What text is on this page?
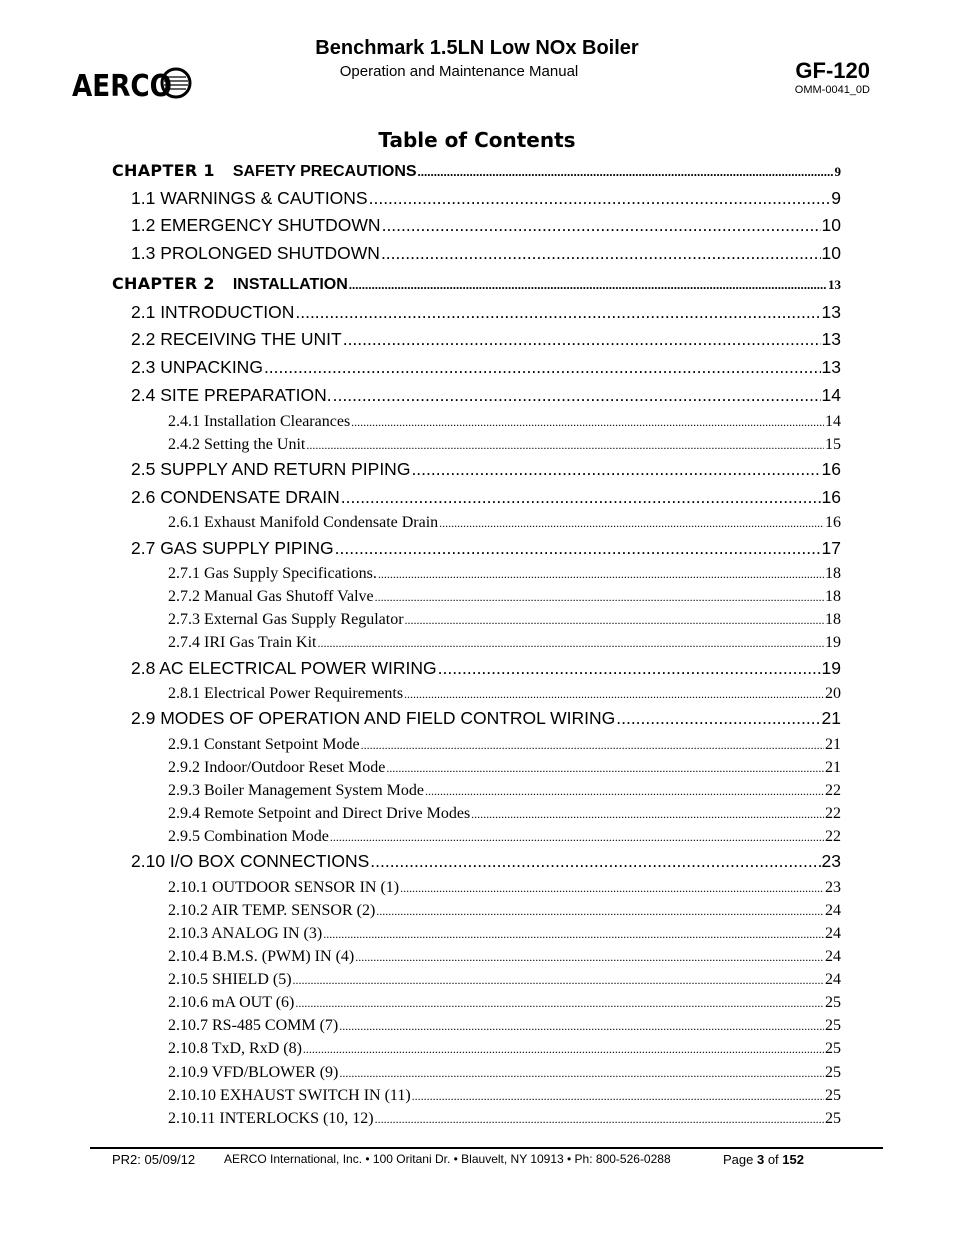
AERCO
Benchmark 1.5LN Low NOx Boiler
Operation and Maintenance Manual	GF-120
OMM-0041_0D
Table of Contents
CHAPTER 1 SAFETY PRECAUTIONS .....	9
1.1 WARNINGS & CAUTIONS .....	9
1.2 EMERGENCY SHUTDOWN .....	10
1.3 PROLONGED SHUTDOWN .....	10
CHAPTER 2 INSTALLATION .....	13
2.1 INTRODUCTION .....	13
2.2 RECEIVING THE UNIT .....	13
2.3 UNPACKING .....	13
2.4 SITE PREPARATION. .....	14
2.4.1 Installation Clearances .....	14
2.4.2 Setting the Unit .....	15
2.5 SUPPLY AND RETURN PIPING .....	16
2.6 CONDENSATE DRAIN .....	16
2.6.1 Exhaust Manifold Condensate Drain .....	16
2.7 GAS SUPPLY PIPING .....	17
2.7.1 Gas Supply Specifications. .....	18
2.7.2 Manual Gas Shutoff Valve .....	18
2.7.3 External Gas Supply Regulator .....	18
2.7.4 IRI Gas Train Kit .....	19
2.8 AC ELECTRICAL POWER WIRING .....	19
2.8.1 Electrical Power Requirements .....	20
2.9 MODES OF OPERATION AND FIELD CONTROL WIRING .....	21
2.9.1 Constant Setpoint Mode .....	21
2.9.2 Indoor/Outdoor Reset Mode .....	21
2.9.3 Boiler Management System Mode .....	22
2.9.4 Remote Setpoint and Direct Drive Modes .....	22
2.9.5 Combination Mode .....	22
2.10 I/O BOX CONNECTIONS .....	23
2.10.1 OUTDOOR SENSOR IN (1) .....	23
2.10.2 AIR TEMP. SENSOR (2) .....	24
2.10.3 ANALOG IN (3) .....	24
2.10.4 B.M.S. (PWM) IN (4) .....	24
2.10.5 SHIELD (5) .....	24
2.10.6 mA OUT (6) .....	25
2.10.7 RS-485 COMM (7) .....	25
2.10.8 TxD, RxD (8) .....	25
2.10.9 VFD/BLOWER (9) .....	25
2.10.10 EXHAUST SWITCH IN (11) .....	25
2.10.11 INTERLOCKS (10, 12) .....	25
PR2: 05/09/12 AERCO International, Inc. • 100 Oritani Dr. • Blauvelt, NY 10913 • Ph: 800-526-0288	Page 3 of 152
